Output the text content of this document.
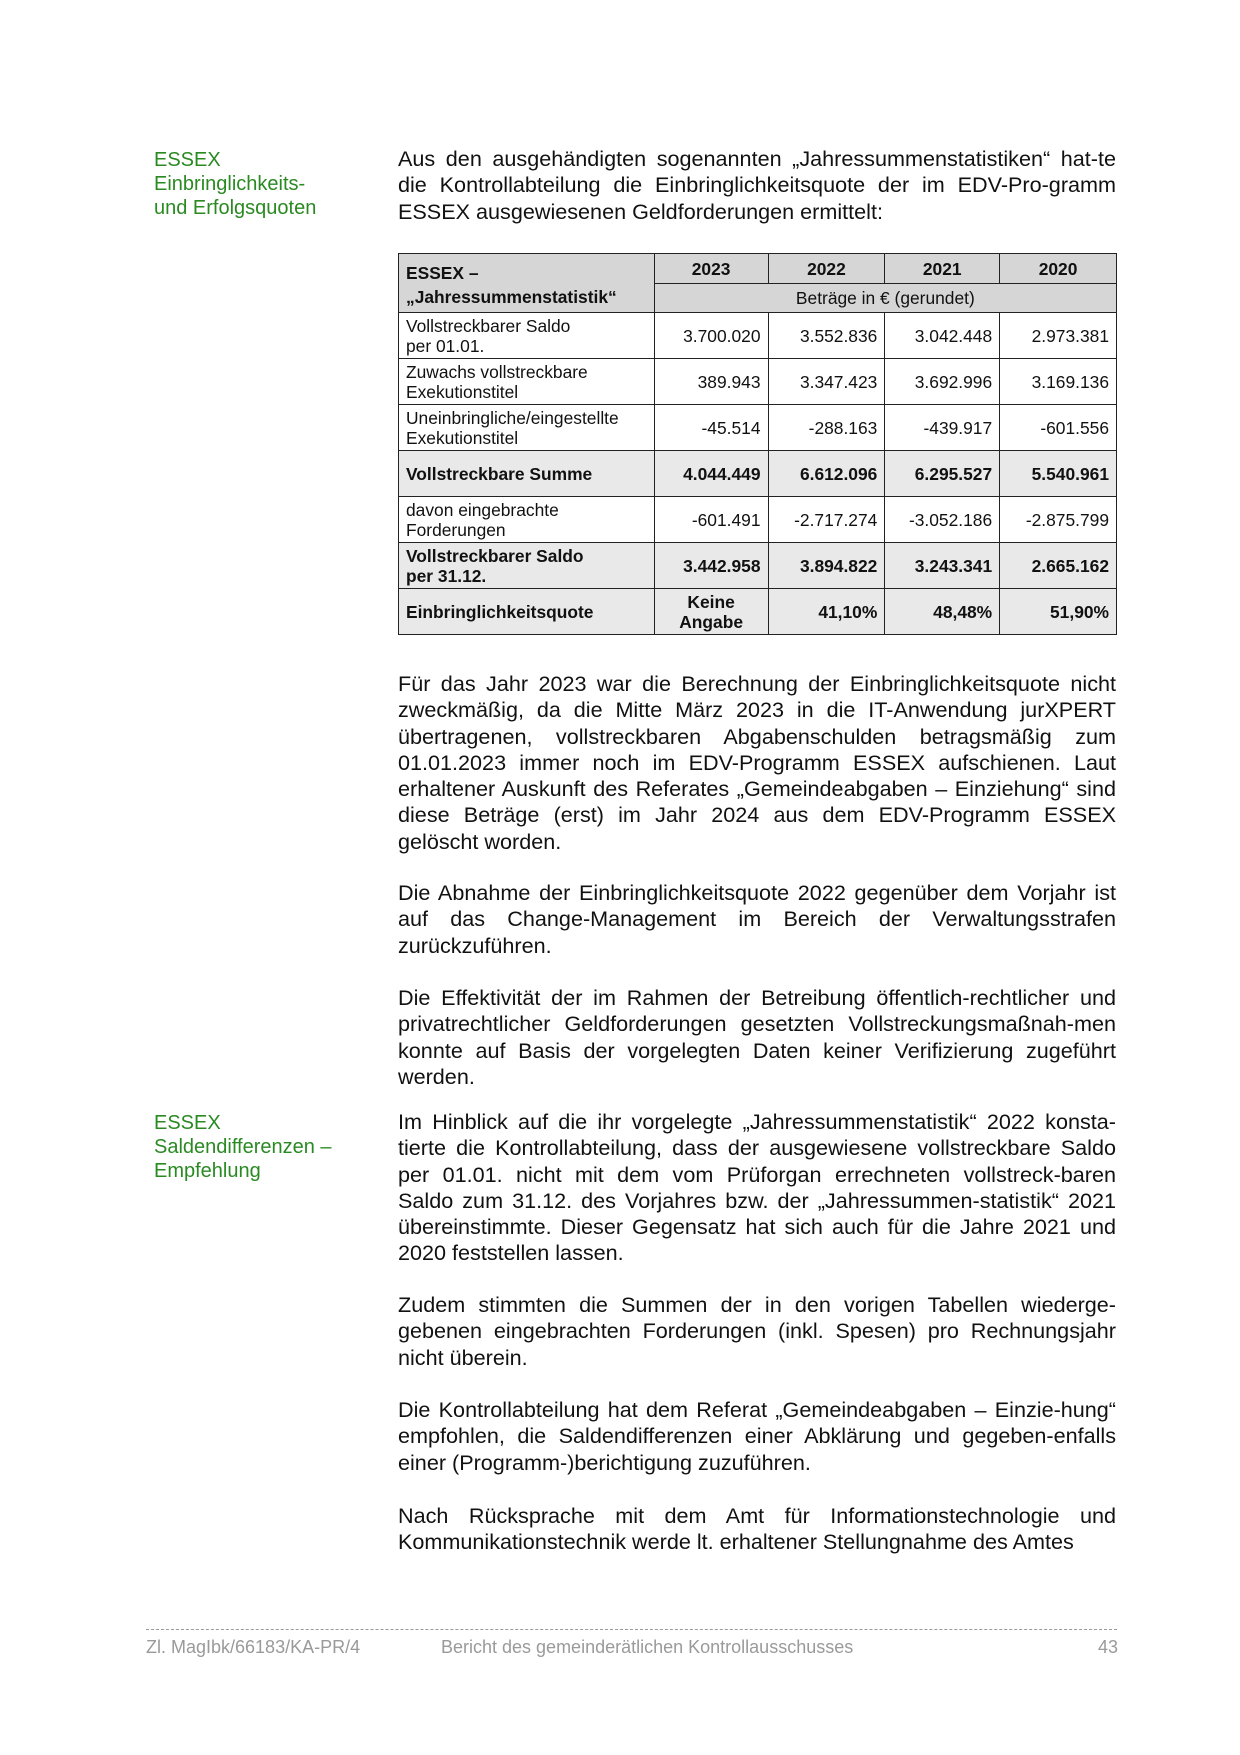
ESSEX
Einbringlichkeits-
und Erfolgsquoten
ESSEX
Saldendifferenzen –
Empfehlung

Aus den ausgehändigten sogenannten „Jahressummenstatistiken“ hat-te die Kontrollabteilung die Einbringlichkeitsquote der im EDV-Pro-gramm ESSEX ausgewiesenen Geldforderungen ermittelt:

ESSEX –
„Jahressummenstatistik“	2023	2022	2021	2020
	Beträge in € (gerundet)			
Vollstreckbarer Saldo
per 01.01.	3.700.020	3.552.836	3.042.448	2.973.381
Zuwachs vollstreckbare
Exekutionstitel	389.943	3.347.423	3.692.996	3.169.136
Uneinbringliche/eingestellte
Exekutionstitel	-45.514	-288.163	-439.917	-601.556
Vollstreckbare Summe	4.044.449	6.612.096	6.295.527	5.540.961
davon eingebrachte
Forderungen	-601.491	-2.717.274	-3.052.186	-2.875.799
Vollstreckbarer Saldo
per 31.12.	3.442.958	3.894.822	3.243.341	2.665.162
Einbringlichkeitsquote	Keine
Angabe	41,10%	48,48%	51,90%

Für das Jahr 2023 war die Berechnung der Einbringlichkeitsquote nicht zweckmäßig, da die Mitte März 2023 in die IT-Anwendung jurXPERT übertragenen, vollstreckbaren Abgabenschulden betragsmäßig zum 01.01.2023 immer noch im EDV-Programm ESSEX aufschienen. Laut erhaltener Auskunft des Referates „Gemeindeabgaben – Einziehung“ sind diese Beträge (erst) im Jahr 2024 aus dem EDV-Programm ESSEX gelöscht worden.

Die Abnahme der Einbringlichkeitsquote 2022 gegenüber dem Vorjahr ist auf das Change-Management im Bereich der Verwaltungsstrafen zurückzuführen.

Die Effektivität der im Rahmen der Betreibung öffentlich-rechtlicher und privatrechtlicher Geldforderungen gesetzten Vollstreckungsmaßnah-men konnte auf Basis der vorgelegten Daten keiner Verifizierung zugeführt werden.

Im Hinblick auf die ihr vorgelegte „Jahressummenstatistik“ 2022 konsta-tierte die Kontrollabteilung, dass der ausgewiesene vollstreckbare Saldo per 01.01. nicht mit dem vom Prüforgan errechneten vollstreck-baren Saldo zum 31.12. des Vorjahres bzw. der „Jahressummen-statistik“ 2021 übereinstimmte. Dieser Gegensatz hat sich auch für die Jahre 2021 und 2020 feststellen lassen.

Zudem stimmten die Summen der in den vorigen Tabellen wiederge-gebenen eingebrachten Forderungen (inkl. Spesen) pro Rechnungsjahr nicht überein.

Die Kontrollabteilung hat dem Referat „Gemeindeabgaben – Einzie-hung“ empfohlen, die Saldendifferenzen einer Abklärung und gegeben-enfalls einer (Programm-)berichtigung zuzuführen.

Nach Rücksprache mit dem Amt für Informationstechnologie und Kommunikationstechnik werde lt. erhaltener Stellungnahme des Amtes

Zl. MagIbk/66183/KA-PR/4	Bericht des gemeinderätlichen Kontrollausschusses	43
